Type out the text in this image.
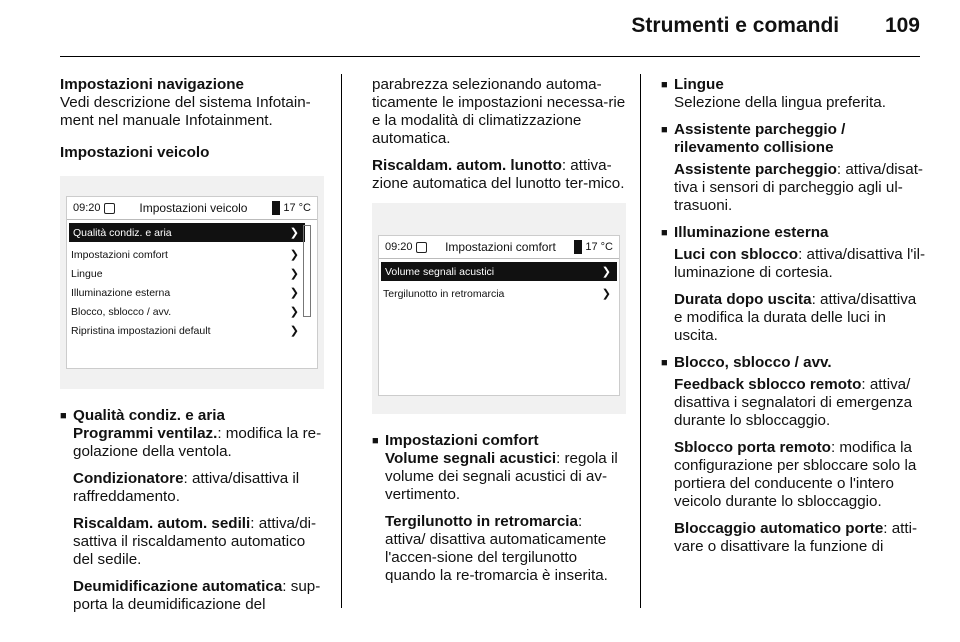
Strumenti e comandi 109
Impostazioni navigazione

Vedi descrizione del sistema Infotain-ment nel manuale Infotainment.

Impostazioni veicolo

09:20	Impostazioni veicolo	17 °C
Qualità condiz. e aria	❯
Impostazioni comfort	❯
Lingue	❯
Illuminazione esterna	❯
Blocco, sblocco / avv.	❯
Ripristina impostazioni default	❯
■ Qualità condiz. e aria

Programmi ventilaz.: modifica la re-golazione della ventola.

Condizionatore: attiva/disattiva il raffreddamento.

Riscaldam. autom. sedili: attiva/di-sattiva il riscaldamento automatico del sedile.

Deumidificazione automatica: sup-porta la deumidificazione del

parabrezza selezionando automa-ticamente le impostazioni necessa-rie e la modalità di climatizzazione automatica.

Riscaldam. autom. lunotto: attiva-zione automatica del lunotto ter-mico.

09:20	Impostazioni comfort	17 °C
Volume segnali acustici	❯
Tergilunotto in retromarcia	❯
■ Impostazioni comfort

Volume segnali acustici: regola il volume dei segnali acustici di av-vertimento.

Tergilunotto in retromarcia: attiva/ disattiva automaticamente l'accen-sione del tergilunotto quando la re-tromarcia è inserita.

■ Lingue

Selezione della lingua preferita.

■ Assistente parcheggio / rilevamento collisione

Assistente parcheggio: attiva/disat-tiva i sensori di parcheggio agli ul-trasuoni.

■ Illuminazione esterna

Luci con sblocco: attiva/disattiva l'il-luminazione di cortesia.

Durata dopo uscita: attiva/disattiva e modifica la durata delle luci in uscita.

■ Blocco, sblocco / avv.

Feedback sblocco remoto: attiva/ disattiva i segnalatori di emergenza durante lo sbloccaggio.

Sblocco porta remoto: modifica la configurazione per sbloccare solo la portiera del conducente o l'intero veicolo durante lo sbloccaggio.

Bloccaggio automatico porte: atti-vare o disattivare la funzione di
